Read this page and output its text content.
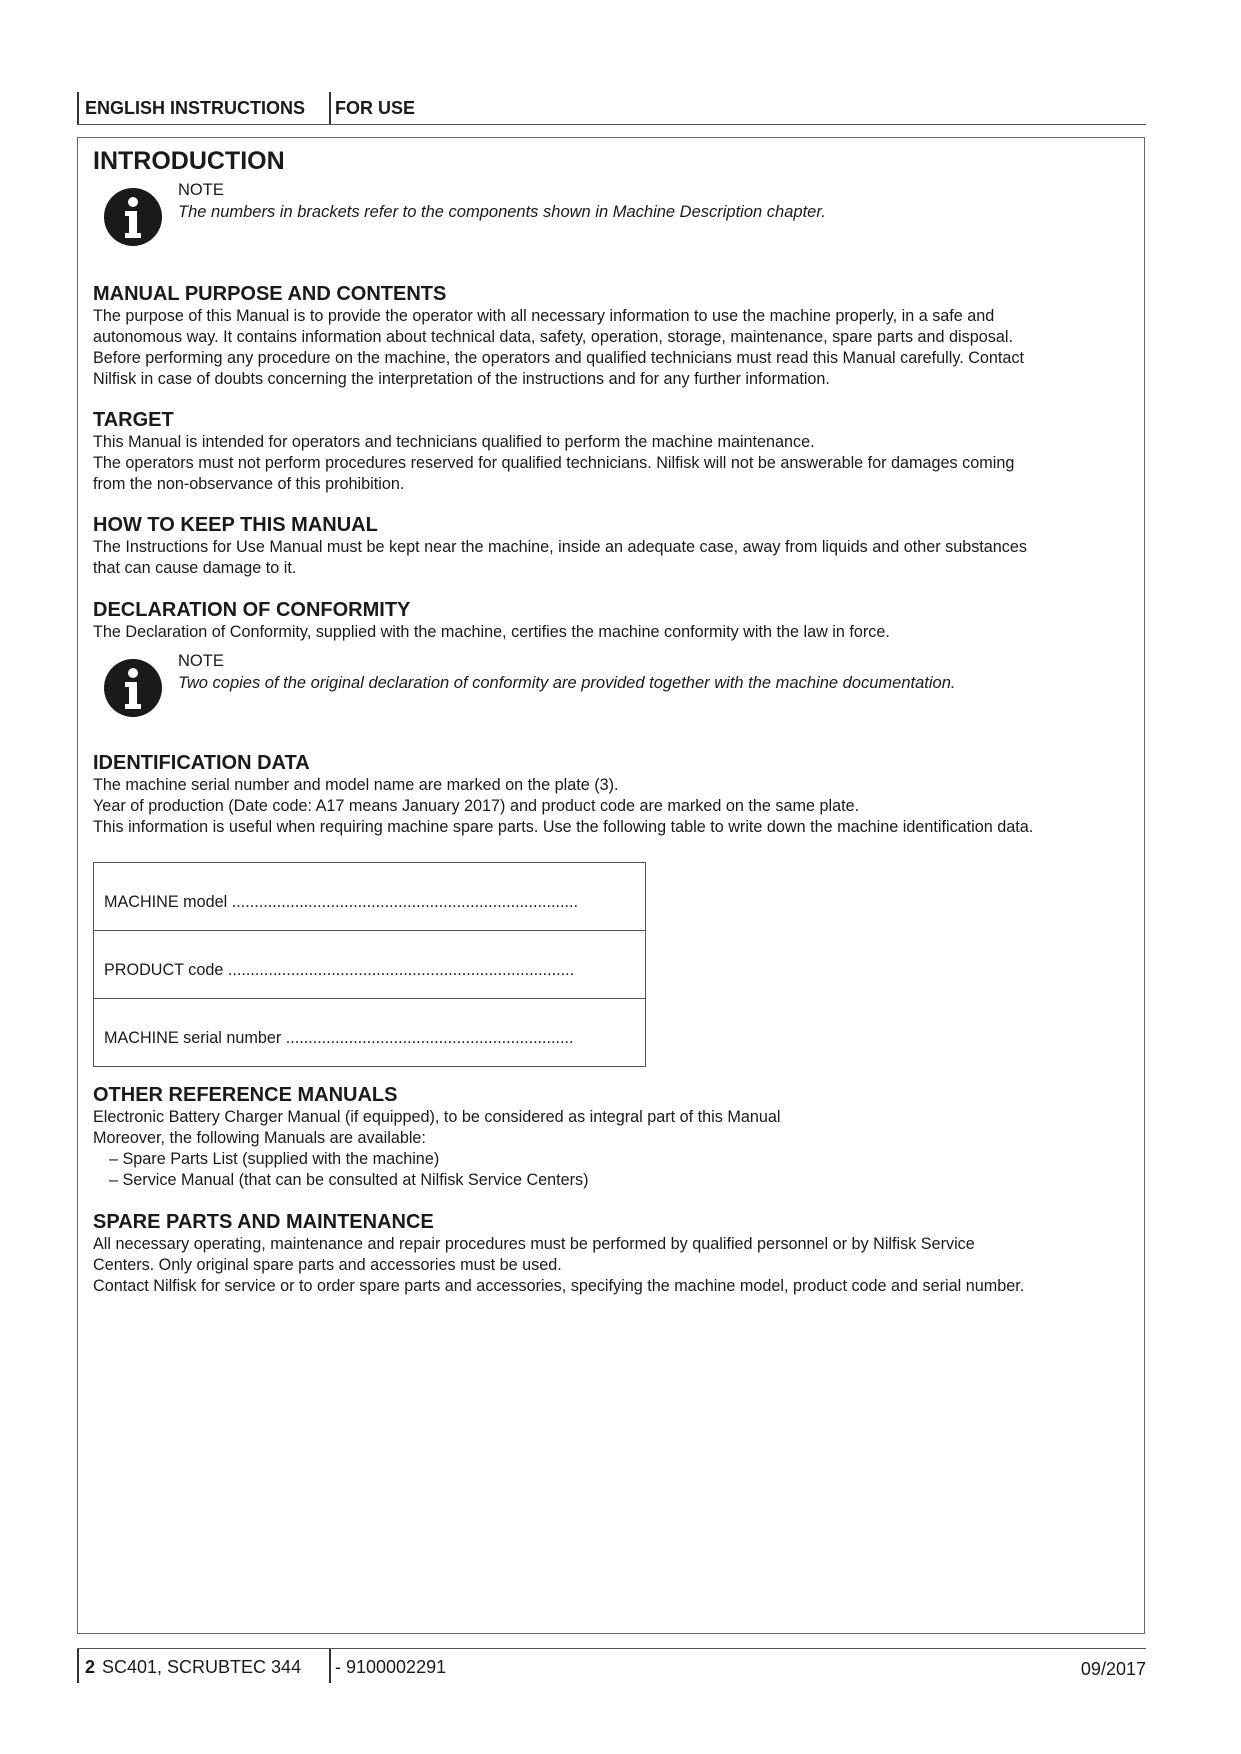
ENGLISH INSTRUCTIONS FOR USE
INTRODUCTION
NOTE
The numbers in brackets refer to the components shown in Machine Description chapter.
MANUAL PURPOSE AND CONTENTS

The purpose of this Manual is to provide the operator with all necessary information to use the machine properly, in a safe and

autonomous way. It contains information about technical data, safety, operation, storage, maintenance, spare parts and disposal.

Before performing any procedure on the machine, the operators and qualified technicians must read this Manual carefully. Contact

Nilfisk in case of doubts concerning the interpretation of the instructions and for any further information.

TARGET

This Manual is intended for operators and technicians qualified to perform the machine maintenance.

The operators must not perform procedures reserved for qualified technicians. Nilfisk will not be answerable for damages coming

from the non-observance of this prohibition.

HOW TO KEEP THIS MANUAL

The Instructions for Use Manual must be kept near the machine, inside an adequate case, away from liquids and other substances

that can cause damage to it.

DECLARATION OF CONFORMITY

The Declaration of Conformity, supplied with the machine, certifies the machine conformity with the law in force.

NOTE
Two copies of the original declaration of conformity are provided together with the machine documentation.
IDENTIFICATION DATA

The machine serial number and model name are marked on the plate (3).

Year of production (Date code: A17 means January 2017) and product code are marked on the same plate.

This information is useful when requiring machine spare parts. Use the following table to write down the machine identification data.

MACHINE model .............................................................................
PRODUCT code .............................................................................
MACHINE serial number ................................................................
OTHER REFERENCE MANUALS

Electronic Battery Charger Manual (if equipped), to be considered as integral part of this Manual

Moreover, the following Manuals are available:

– Spare Parts List (supplied with the machine)
– Service Manual (that can be consulted at Nilfisk Service Centers)
SPARE PARTS AND MAINTENANCE

All necessary operating, maintenance and repair procedures must be performed by qualified personnel or by Nilfisk Service

Centers. Only original spare parts and accessories must be used.

Contact Nilfisk for service or to order spare parts and accessories, specifying the machine model, product code and serial number.

2 SC401, SCRUBTEC 344 - 9100002291	09/2017
